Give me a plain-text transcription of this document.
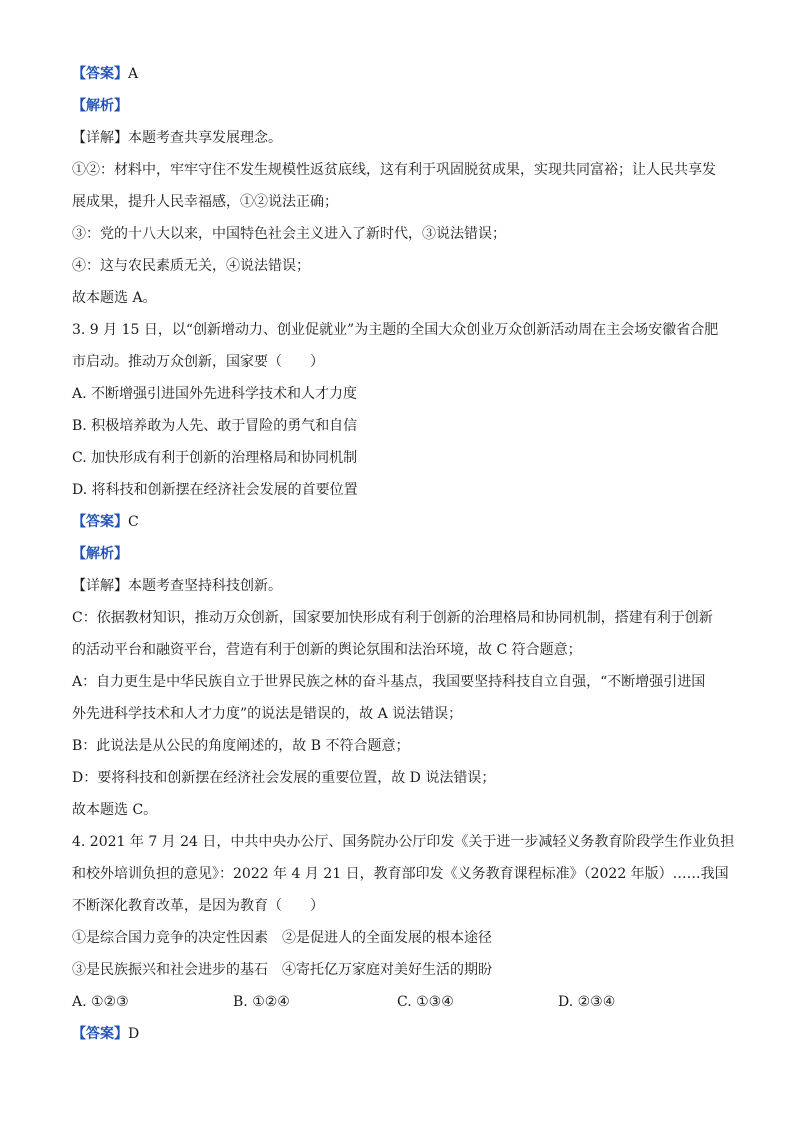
【答案】A
【解析】
【详解】本题考查共享发展理念。
①②：材料中，牢牢守住不发生规模性返贫底线，这有利于巩固脱贫成果，实现共同富裕；让人民共享发
展成果，提升人民幸福感，①②说法正确；
③：党的十八大以来，中国特色社会主义进入了新时代，③说法错误；
④：这与农民素质无关，④说法错误；
故本题选 A。
3. 9 月 15 日，以“创新增动力、创业促就业”为主题的全国大众创业万众创新活动周在主会场安徽省合肥
市启动。推动万众创新，国家要（　　）
A. 不断增强引进国外先进科学技术和人才力度
B. 积极培养敢为人先、敢于冒险的勇气和自信
C. 加快形成有利于创新的治理格局和协同机制
D. 将科技和创新摆在经济社会发展的首要位置
【答案】C
【解析】
【详解】本题考查坚持科技创新。
C：依据教材知识，推动万众创新，国家要加快形成有利于创新的治理格局和协同机制，搭建有利于创新
的活动平台和融资平台，营造有利于创新的舆论氛围和法治环境，故 C 符合题意；
A：自力更生是中华民族自立于世界民族之林的奋斗基点，我国要坚持科技自立自强，“不断增强引进国
外先进科学技术和人才力度”的说法是错误的，故 A 说法错误；
B：此说法是从公民的角度阐述的，故 B 不符合题意；
D：要将科技和创新摆在经济社会发展的重要位置，故 D 说法错误；
故本题选 C。
4. 2021 年 7 月 24 日，中共中央办公厅、国务院办公厅印发《关于进一步减轻义务教育阶段学生作业负担
和校外培训负担的意见》：2022 年 4 月 21 日，教育部印发《义务教育课程标准》（2022 年版）……我国
不断深化教育改革，是因为教育（　　）
①是综合国力竞争的决定性因素　②是促进人的全面发展的根本途径
③是民族振兴和社会进步的基石　④寄托亿万家庭对美好生活的期盼
A. ①②③	B. ①②④	C. ①③④	D. ②③④
【答案】D
